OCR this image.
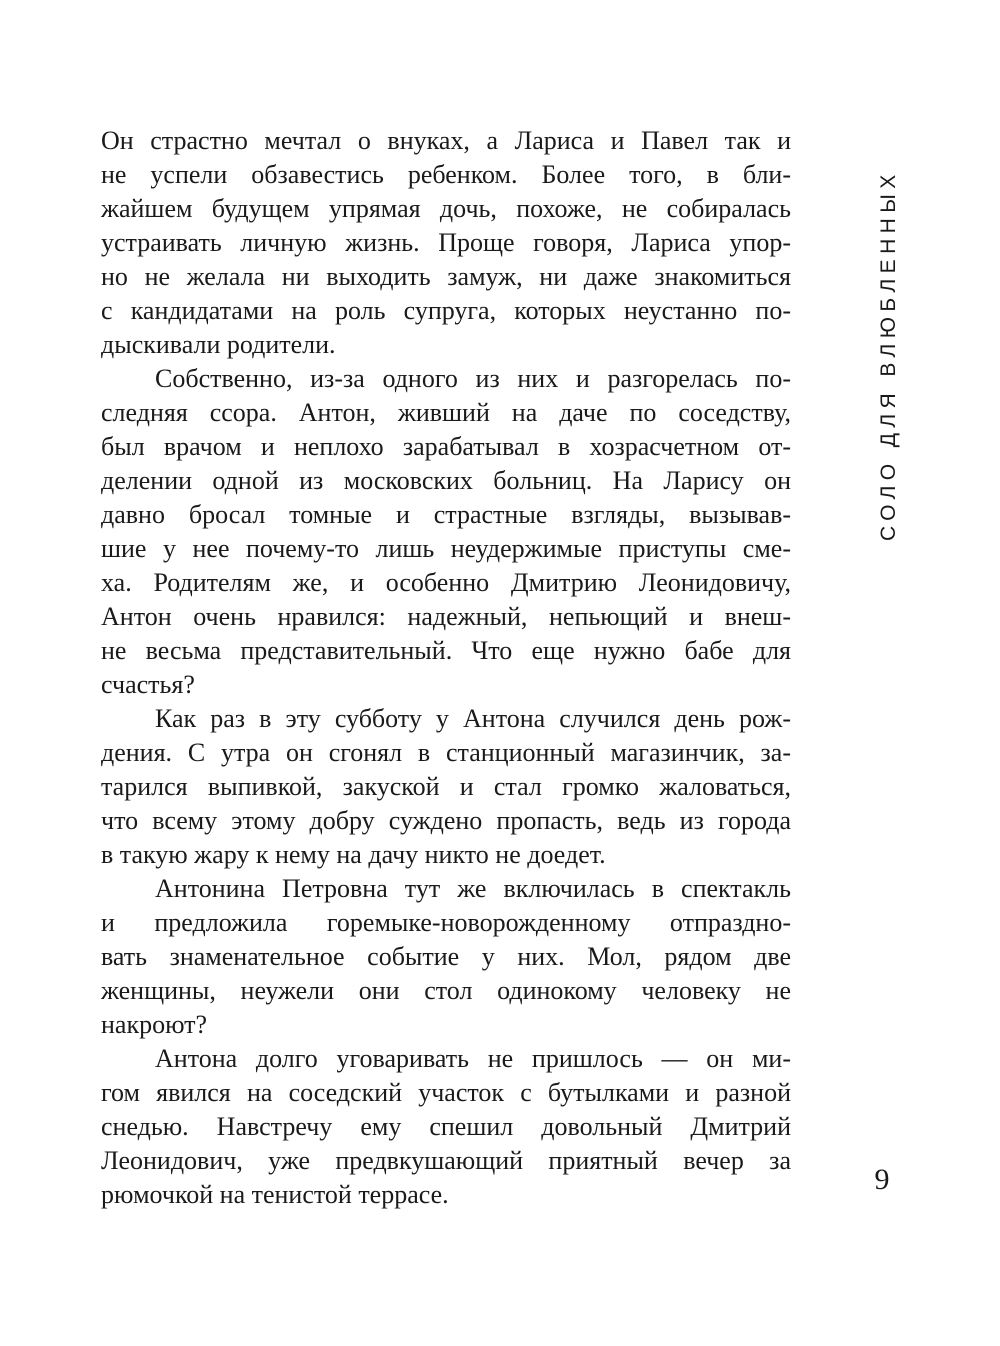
Он страстно мечтал о внуках, а Лариса и Павел так и
не успели обзавестись ребенком. Более того, в бли-
жайшем будущем упрямая дочь, похоже, не собиралась
устраивать личную жизнь. Проще говоря, Лариса упор-
но не желала ни выходить замуж, ни даже знакомиться
с кандидатами на роль супруга, которых неустанно по-
дыскивали родители.
Собственно, из-за одного из них и разгорелась по-
следняя ссора. Антон, живший на даче по соседству,
был врачом и неплохо зарабатывал в хозрасчетном от-
делении одной из московских больниц. На Ларису он
давно бросал томные и страстные взгляды, вызывав-
шие у нее почему-то лишь неудержимые приступы сме-
ха. Родителям же, и особенно Дмитрию Леонидовичу,
Антон очень нравился: надежный, непьющий и внеш-
не весьма представительный. Что еще нужно бабе для
счастья?
Как раз в эту субботу у Антона случился день рож-
дения. С утра он сгонял в станционный магазинчик, за-
тарился выпивкой, закуской и стал громко жаловаться,
что всему этому добру суждено пропасть, ведь из города
в такую жару к нему на дачу никто не доедет.
Антонина Петровна тут же включилась в спектакль
и предложила горемыке-новорожденному отпраздно-
вать знаменательное событие у них. Мол, рядом две
женщины, неужели они стол одинокому человеку не
накроют?
Антона долго уговаривать не пришлось — он ми-
гом явился на соседский участок с бутылками и разной
снедью. Навстречу ему спешил довольный Дмитрий
Леонидович, уже предвкушающий приятный вечер за
рюмочкой на тенистой террасе.
СОЛО ДЛЯ ВЛЮБЛЕННЫХ
9
